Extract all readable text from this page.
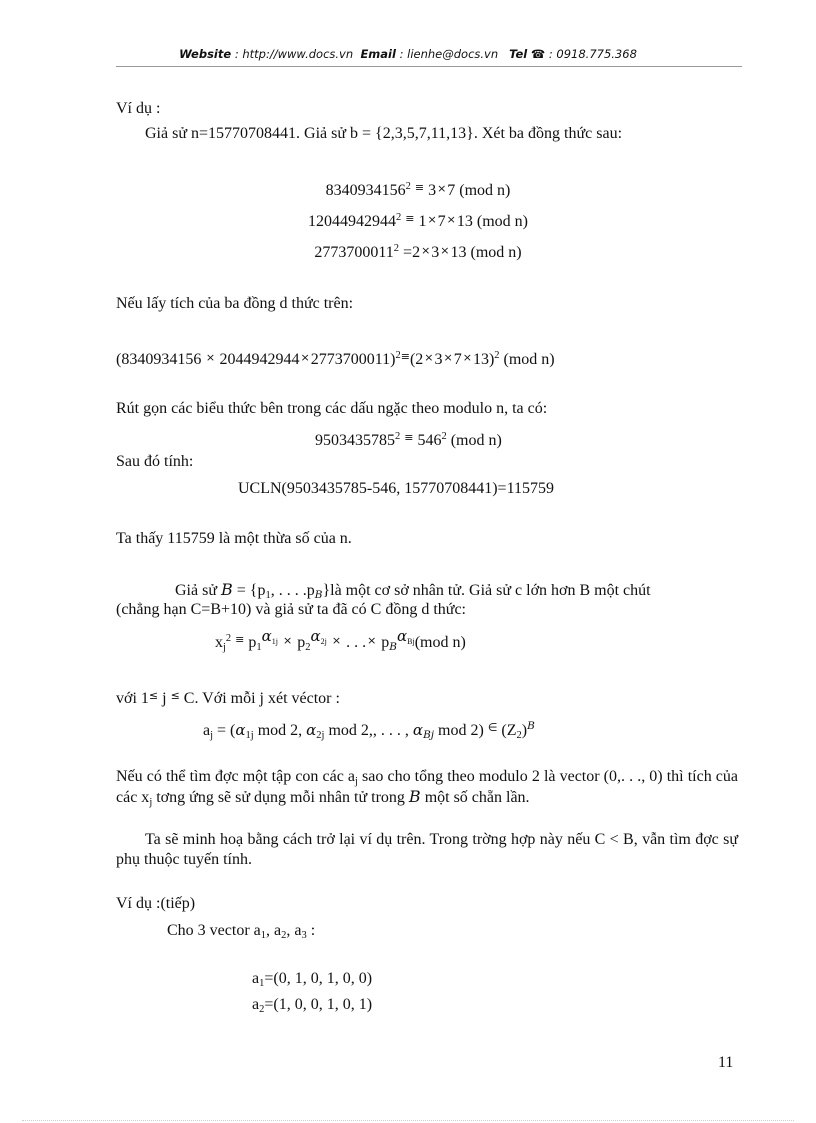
Website : http://www.docs.vn Email : lienhe@docs.vn Tel ☎ : 0918.775.368
Ví dụ :
Giả sử n=15770708441. Giả sử b = {2,3,5,7,11,13}. Xét ba đồng thức sau:
8340934156$^2$ ≡ 3×7 (mod n)
12044942944$^2$ ≡ 1×7×13 (mod n)
$2773700011^2 =2\times 3\times 13$ (mod n)
Nếu lấy tích của ba đồng d thức trên:
$(8340934156 \times 2044942944\times 2773700011)^{2\equiv}(2\times 3\times 7\times 13)^2$ (mod n)
Rút gọn các biểu thức bên trong các dấu ngặc theo modulo n, ta có:
9503435785$^2$ ≡ $546^2$ (mod n)
Sau đó tính:
UCLN(9503435785-546, 15770708441)=115759
Ta thấy 115759 là một thừa số của n.
Giả sử $B = \{p_1$, . . . $.p_B\}là$ một cơ sở nhân tử. Giả sử c lớn hơn B một chút
(chẳng hạn C=B+10) và giả sử ta đã có C đồng d thức:
$x_j^2$ ≡ $p_1^{\alpha_{1j}} \times p_2^{\alpha_{2j}}$ × . . .× $p_B^{\alpha_{Bj}}(mod$ n)
với 1≤ j ≤ C. Với mỗi j xét véctor :
$a_j = (\alpha_{1j}$ mod 2, $\alpha_{2j}$ mod 2,, . . . , $\alpha_{Bj}$ mod 2) ∈ $(Z_2)^B$
Nếu có thể tìm đợc một tập con các $a_j$ sao cho tổng theo modulo 2 là vector (0,. . ., 0) thì tích của các $x_j$ tơng ứng sẽ sử dụng mỗi nhân tử trong B một số chẵn lần.
Ta sẽ minh hoạ bằng cách trở lại ví dụ trên. Trong trờng hợp này nếu C < B, vẫn tìm đợc sự phụ thuộc tuyến tính.
Ví dụ :(tiếp)
Cho 3 vector $a_1$, $a_2$, $a_3$ :
$a_1=(0$, 1, 0, 1, 0, 0)
$a_2=(1$, 0, 0, 1, 0, 1)
11
